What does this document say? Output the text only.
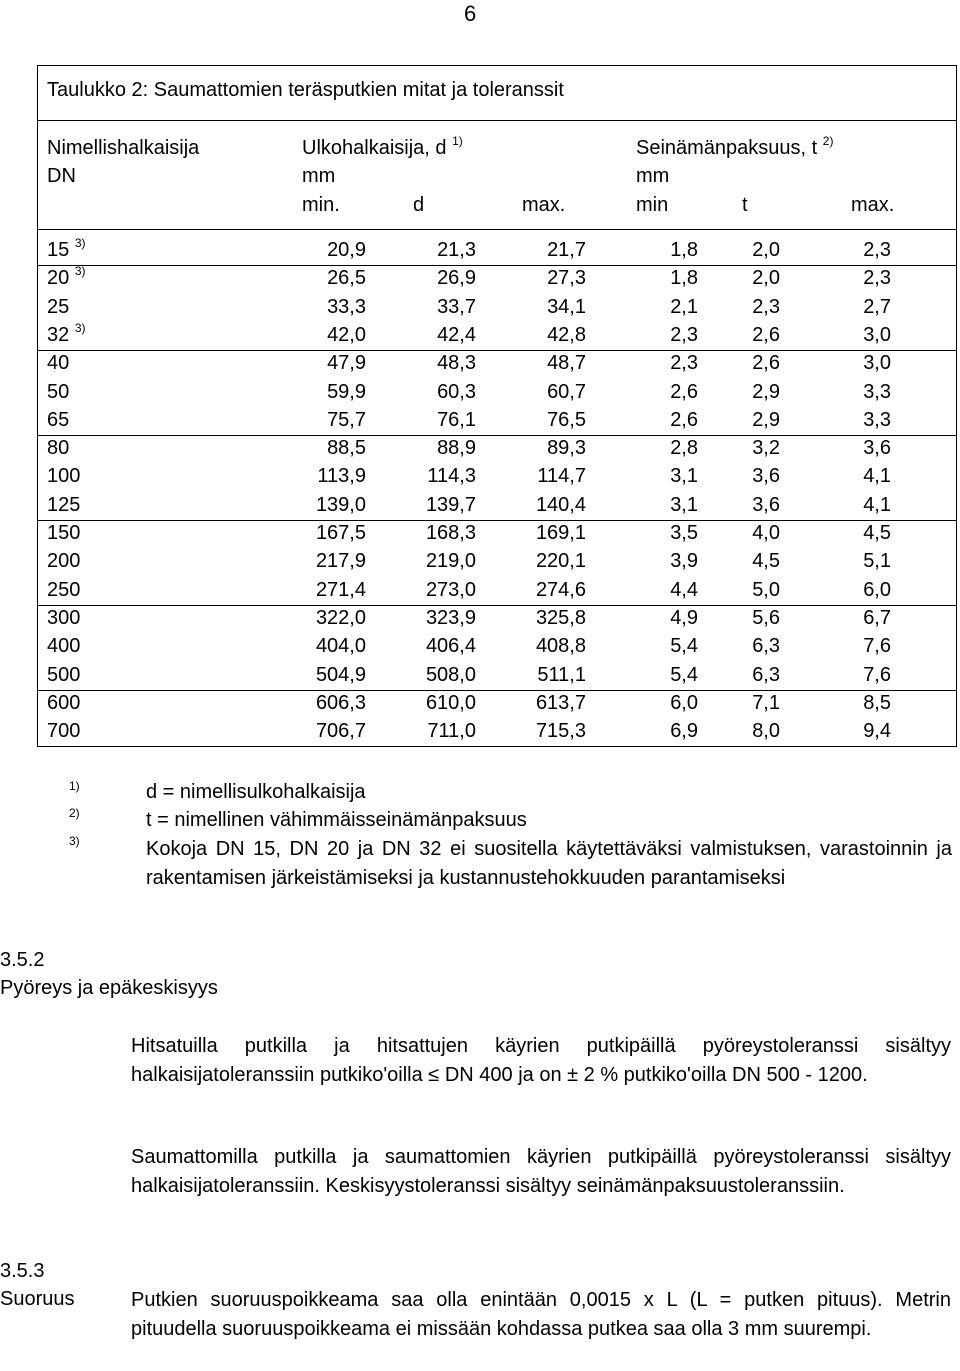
6
Taulukko 2: Saumattomien teräsputkien mitat ja toleranssit
Nimellishalkaisija
DN
Ulkohalkaisija, d $^{1)}$
mm
Seinämänpaksuus, t $^{2)}$
mm
min.	d	max.	min	t	max.
15 $^{3)}$	20,9	21,3	21,7	1,8	2,0	2,3
20 $^{3)}$	26,5	26,9	27,3	1,8	2,0	2,3
25	33,3	33,7	34,1	2,1	2,3	2,7
32 $^{3)}$	42,0	42,4	42,8	2,3	2,6	3,0
40	47,9	48,3	48,7	2,3	2,6	3,0
50	59,9	60,3	60,7	2,6	2,9	3,3
65	75,7	76,1	76,5	2,6	2,9	3,3
80	88,5	88,9	89,3	2,8	3,2	3,6
100	113,9	114,3	114,7	3,1	3,6	4,1
125	139,0	139,7	140,4	3,1	3,6	4,1
150	167,5	168,3	169,1	3,5	4,0	4,5
200	217,9	219,0	220,1	3,9	4,5	5,1
250	271,4	273,0	274,6	4,4	5,0	6,0
300	322,0	323,9	325,8	4,9	5,6	6,7
400	404,0	406,4	408,8	5,4	6,3	7,6
500	504,9	508,0	511,1	5,4	6,3	7,6
600	606,3	610,0	613,7	6,0	7,1	8,5
700	706,7	711,0	715,3	6,9	8,0	9,4
1)
2)
3)
d = nimellisulkohalkaisija
t = nimellinen vähimmäisseinämänpaksuus
Kokoja DN 15, DN 20 ja DN 32 ei suositella käytettäväksi valmistuksen, varastoinnin ja rakentamisen järkeistämiseksi ja kustannustehokkuuden parantamiseksi
3.5.2
Pyöreys ja epäkeskisyys
Hitsatuilla putkilla ja hitsattujen käyrien putkipäillä pyöreystoleranssi sisältyy halkaisijatoleranssiin putkiko'oilla ≤ DN 400 ja on ± 2 % putkiko'oilla DN 500 - 1200.
Saumattomilla putkilla ja saumattomien käyrien putkipäillä pyöreystoleranssi sisältyy halkaisijatoleranssiin. Keskisyystoleranssi sisältyy seinämänpaksuustoleranssiin.
3.5.3
Suoruus	Putkien suoruuspoikkeama saa olla enintään 0,0015 x L (L = putken pituus). Metrin pituudella suoruuspoikkeama ei missään kohdassa putkea saa olla 3 mm suurempi.
